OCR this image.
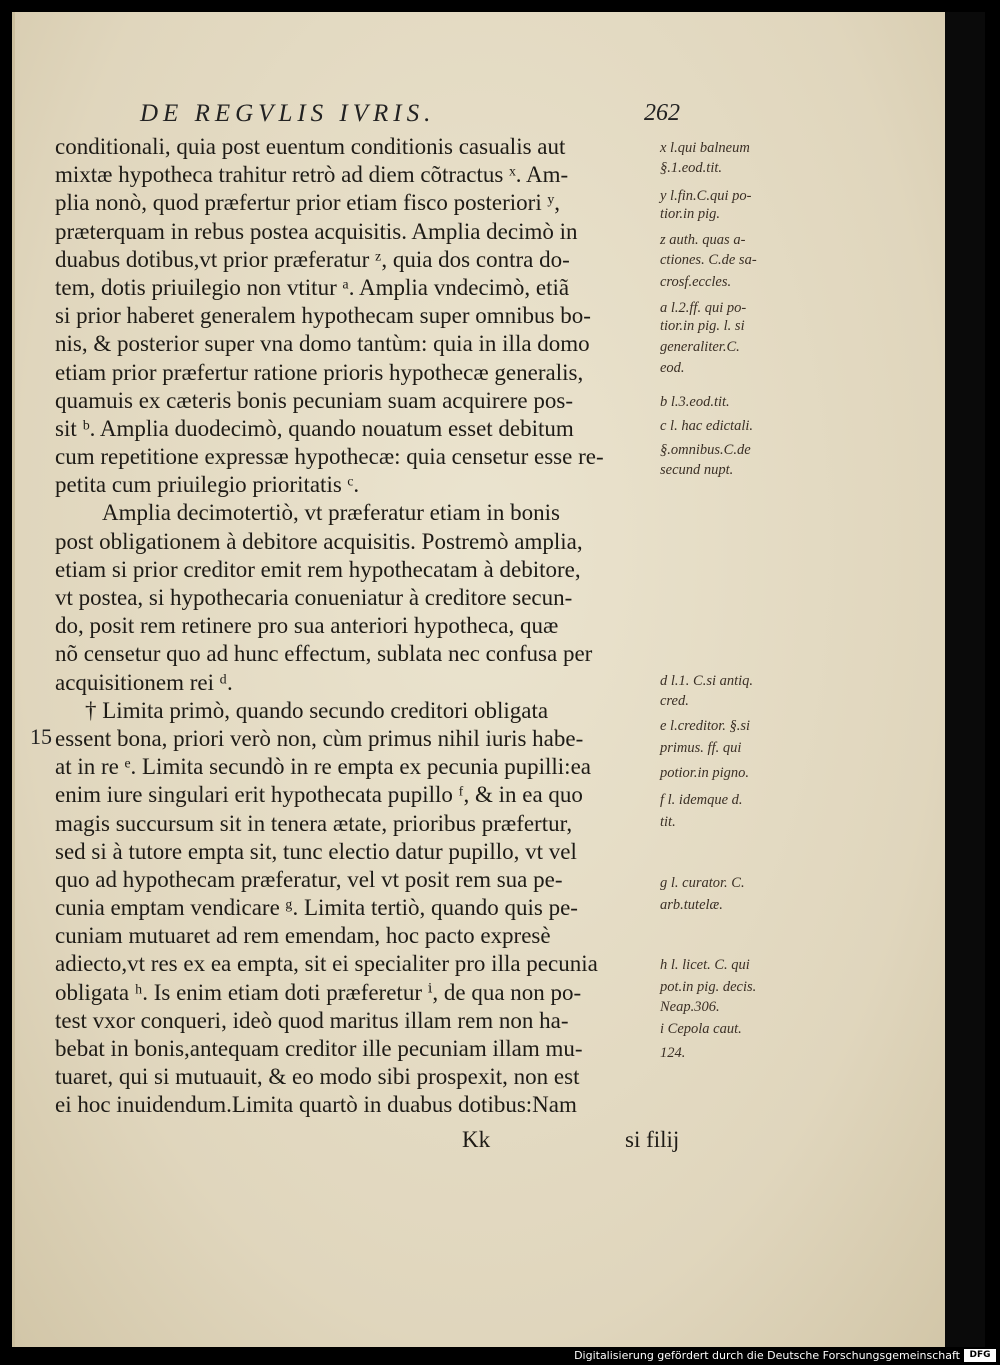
DE REGVLIS IVRIS.	262
conditionali, quia post euentum conditionis casualis aut
mixtæ hypotheca trahitur retrò ad diem cõtractus ˣ. Am-
plia nonò, quod præfertur prior etiam fisco posteriori ʸ,
præterquam in rebus postea acquisitis. Amplia decimò in
duabus dotibus,vt prior præferatur ᶻ, quia dos contra do-
tem, dotis priuilegio non vtitur ᵃ. Amplia vndecimò, etiã
si prior haberet generalem hypothecam super omnibus bo-
nis, & posterior super vna domo tantùm: quia in illa domo
etiam prior præfertur ratione prioris hypothecæ generalis,
quamuis ex cæteris bonis pecuniam suam acquirere pos-
sit ᵇ. Amplia duodecimò, quando nouatum esset debitum
cum repetitione expressæ hypothecæ: quia censetur esse re-
petita cum priuilegio prioritatis ᶜ.
Amplia decimotertiò, vt præferatur etiam in bonis
post obligationem à debitore acquisitis. Postremò amplia,
etiam si prior creditor emit rem hypothecatam à debitore,
vt postea, si hypothecaria conueniatur à creditore secun-
do, posit rem retinere pro sua anteriori hypotheca, quæ
nõ censetur quo ad hunc effectum, sublata nec confusa per
acquisitionem rei ᵈ.
† Limita primò, quando secundo creditori obligata
essent bona, priori verò non, cùm primus nihil iuris habe-
at in re ᵉ. Limita secundò in re empta ex pecunia pupilli:ea
enim iure singulari erit hypothecata pupillo ᶠ, & in ea quo
magis succursum sit in tenera ætate, prioribus præfertur,
sed si à tutore empta sit, tunc electio datur pupillo, vt vel
quo ad hypothecam præferatur, vel vt posit rem sua pe-
cunia emptam vendicare ᵍ. Limita tertiò, quando quis pe-
cuniam mutuaret ad rem emendam, hoc pacto expresè
adiecto,vt res ex ea empta, sit ei specialiter pro illa pecunia
obligata ʰ. Is enim etiam doti præferetur ⁱ, de qua non po-
test vxor conqueri, ideò quod maritus illam rem non ha-
bebat in bonis,antequam creditor ille pecuniam illam mu-
tuaret, qui si mutuauit, & eo modo sibi prospexit, non est
ei hoc inuidendum.Limita quartò in duabus dotibus:Nam
15
x l.qui balneum
§.1.eod.tit.
y l.fin.C.qui po-
tior.in pig.
z auth. quas a-
ctiones. C.de sa-
crosf.eccles.
a l.2.ff. qui po-
tior.in pig. l. si
generaliter.C.
eod.
b l.3.eod.tit.
c l. hac edictali.
§.omnibus.C.de
secund nupt.
d l.1. C.si antiq.
cred.
e l.creditor. §.si
primus. ff. qui
potior.in pigno.
f l. idemque d.
tit.
g l. curator. C.
arb.tutelæ.
h l. licet. C. qui
pot.in pig. decis.
Neap.306.
i Cepola caut.
124.
Kk	si filij
Digitalisierung gefördert durch die Deutsche Forschungsgemeinschaft	DFG
